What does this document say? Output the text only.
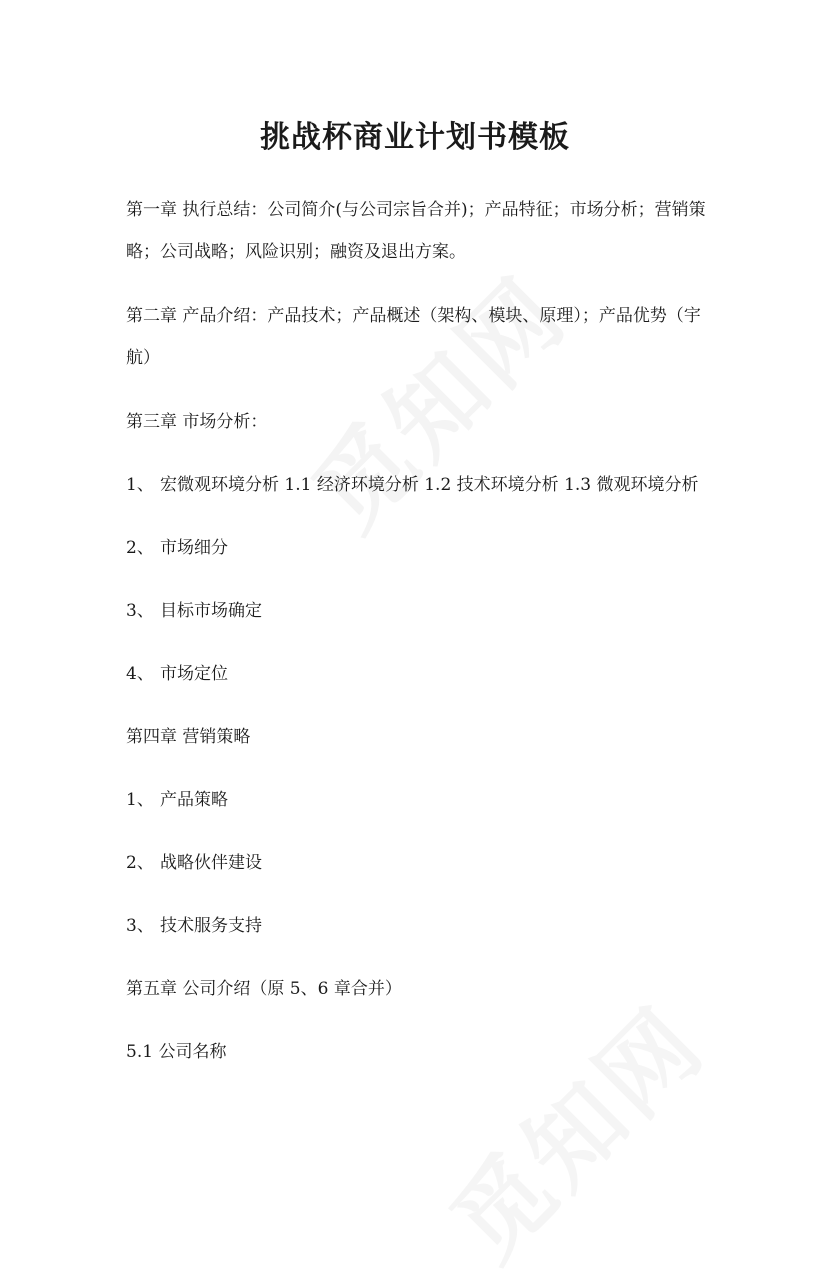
挑战杯商业计划书模板
第一章 执行总结：公司简介(与公司宗旨合并)；产品特征；市场分析；营销策
略；公司战略；风险识别；融资及退出方案。
第二章 产品介绍：产品技术；产品概述（架构、模块、原理）；产品优势（宇
航）
第三章 市场分析：
1、 宏微观环境分析 1.1 经济环境分析 1.2 技术环境分析 1.3 微观环境分析
2、 市场细分
3、 目标市场确定
4、 市场定位
第四章 营销策略
1、 产品策略
2、 战略伙伴建设
3、 技术服务支持
第五章 公司介绍（原 5、6 章合并）
5.1 公司名称
